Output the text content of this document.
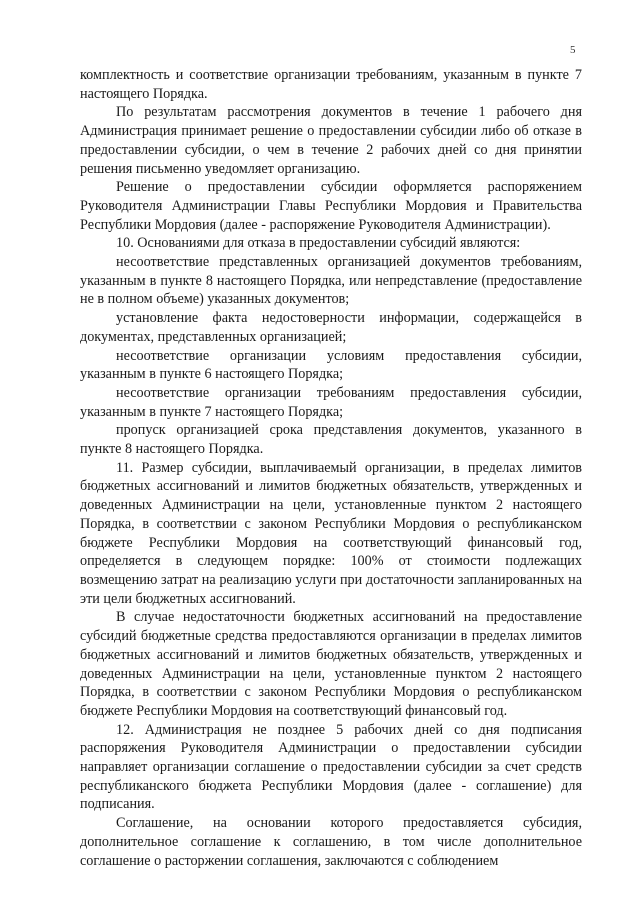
5

комплектность и соответствие организации требованиям, указанным в пункте 7 настоящего Порядка.

По результатам рассмотрения документов в течение 1 рабочего дня Администрация принимает решение о предоставлении субсидии либо об отказе в предоставлении субсидии, о чем в течение 2 рабочих дней со дня принятии решения письменно уведомляет организацию.

Решение о предоставлении субсидии оформляется распоряжением Руководителя Администрации Главы Республики Мордовия и Правительства Республики Мордовия (далее - распоряжение Руководителя Администрации).

10. Основаниями для отказа в предоставлении субсидий являются:

несоответствие представленных организацией документов требованиям, указанным в пункте 8 настоящего Порядка, или непредставление (предоставление не в полном объеме) указанных документов;

установление факта недостоверности информации, содержащейся в документах, представленных организацией;

несоответствие организации условиям предоставления субсидии, указанным в пункте 6 настоящего Порядка;

несоответствие организации требованиям предоставления субсидии, указанным в пункте 7 настоящего Порядка;

пропуск организацией срока представления документов, указанного в пункте 8 настоящего Порядка.

11. Размер субсидии, выплачиваемый организации, в пределах лимитов бюджетных ассигнований и лимитов бюджетных обязательств, утвержденных и доведенных Администрации на цели, установленные пунктом 2 настоящего Порядка, в соответствии с законом Республики Мордовия о республиканском бюджете Республики Мордовия на соответствующий финансовый год, определяется в следующем порядке: 100% от стоимости подлежащих возмещению затрат на реализацию услуги при достаточности запланированных на эти цели бюджетных ассигнований.

В случае недостаточности бюджетных ассигнований на предоставление субсидий бюджетные средства предоставляются организации в пределах лимитов бюджетных ассигнований и лимитов бюджетных обязательств, утвержденных и доведенных Администрации на цели, установленные пунктом 2 настоящего Порядка, в соответствии с законом Республики Мордовия о республиканском бюджете Республики Мордовия на соответствующий финансовый год.

12. Администрация не позднее 5 рабочих дней со дня подписания распоряжения Руководителя Администрации о предоставлении субсидии направляет организации соглашение о предоставлении субсидии за счет средств республиканского бюджета Республики Мордовия (далее - соглашение) для подписания.

Соглашение, на основании которого предоставляется субсидия, дополнительное соглашение к соглашению, в том числе дополнительное соглашение о расторжении соглашения, заключаются с соблюдением
